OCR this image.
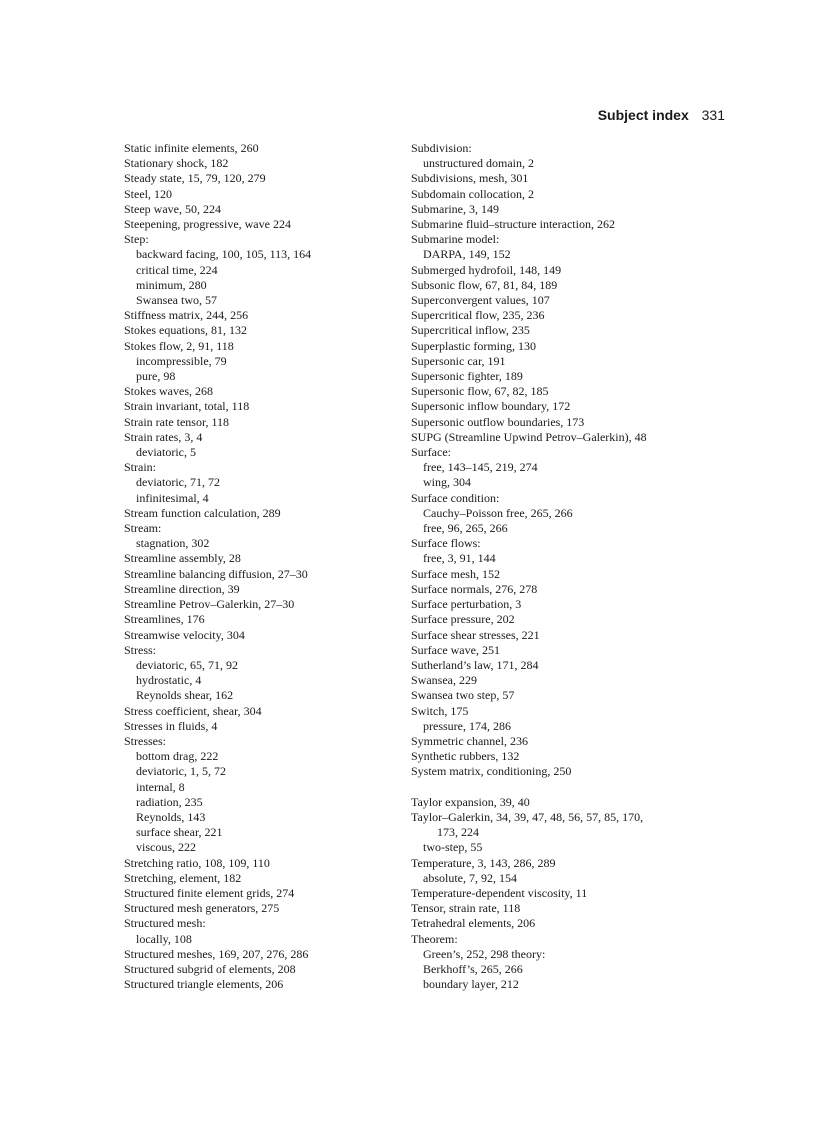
Subject index 331
Static infinite elements, 260
Stationary shock, 182
Steady state, 15, 79, 120, 279
Steel, 120
Steep wave, 50, 224
Steepening, progressive, wave 224
Step:
backward facing, 100, 105, 113, 164
critical time, 224
minimum, 280
Swansea two, 57
Stiffness matrix, 244, 256
Stokes equations, 81, 132
Stokes flow, 2, 91, 118
incompressible, 79
pure, 98
Stokes waves, 268
Strain invariant, total, 118
Strain rate tensor, 118
Strain rates, 3, 4
deviatoric, 5
Strain:
deviatoric, 71, 72
infinitesimal, 4
Stream function calculation, 289
Stream:
stagnation, 302
Streamline assembly, 28
Streamline balancing diffusion, 27–30
Streamline direction, 39
Streamline Petrov–Galerkin, 27–30
Streamlines, 176
Streamwise velocity, 304
Stress:
deviatoric, 65, 71, 92
hydrostatic, 4
Reynolds shear, 162
Stress coefficient, shear, 304
Stresses in fluids, 4
Stresses:
bottom drag, 222
deviatoric, 1, 5, 72
internal, 8
radiation, 235
Reynolds, 143
surface shear, 221
viscous, 222
Stretching ratio, 108, 109, 110
Stretching, element, 182
Structured finite element grids, 274
Structured mesh generators, 275
Structured mesh:
locally, 108
Structured meshes, 169, 207, 276, 286
Structured subgrid of elements, 208
Structured triangle elements, 206
Subdivision:
unstructured domain, 2
Subdivisions, mesh, 301
Subdomain collocation, 2
Submarine, 3, 149
Submarine fluid–structure interaction, 262
Submarine model:
DARPA, 149, 152
Submerged hydrofoil, 148, 149
Subsonic flow, 67, 81, 84, 189
Superconvergent values, 107
Supercritical flow, 235, 236
Supercritical inflow, 235
Superplastic forming, 130
Supersonic car, 191
Supersonic fighter, 189
Supersonic flow, 67, 82, 185
Supersonic inflow boundary, 172
Supersonic outflow boundaries, 173
SUPG (Streamline Upwind Petrov–Galerkin), 48
Surface:
free, 143–145, 219, 274
wing, 304
Surface condition:
Cauchy–Poisson free, 265, 266
free, 96, 265, 266
Surface flows:
free, 3, 91, 144
Surface mesh, 152
Surface normals, 276, 278
Surface perturbation, 3
Surface pressure, 202
Surface shear stresses, 221
Surface wave, 251
Sutherland’s law, 171, 284
Swansea, 229
Swansea two step, 57
Switch, 175
pressure, 174, 286
Symmetric channel, 236
Synthetic rubbers, 132
System matrix, conditioning, 250
Taylor expansion, 39, 40
Taylor–Galerkin, 34, 39, 47, 48, 56, 57, 85, 170,
173, 224
two-step, 55
Temperature, 3, 143, 286, 289
absolute, 7, 92, 154
Temperature-dependent viscosity, 11
Tensor, strain rate, 118
Tetrahedral elements, 206
Theorem:
Green’s, 252, 298 theory:
Berkhoff’s, 265, 266
boundary layer, 212
